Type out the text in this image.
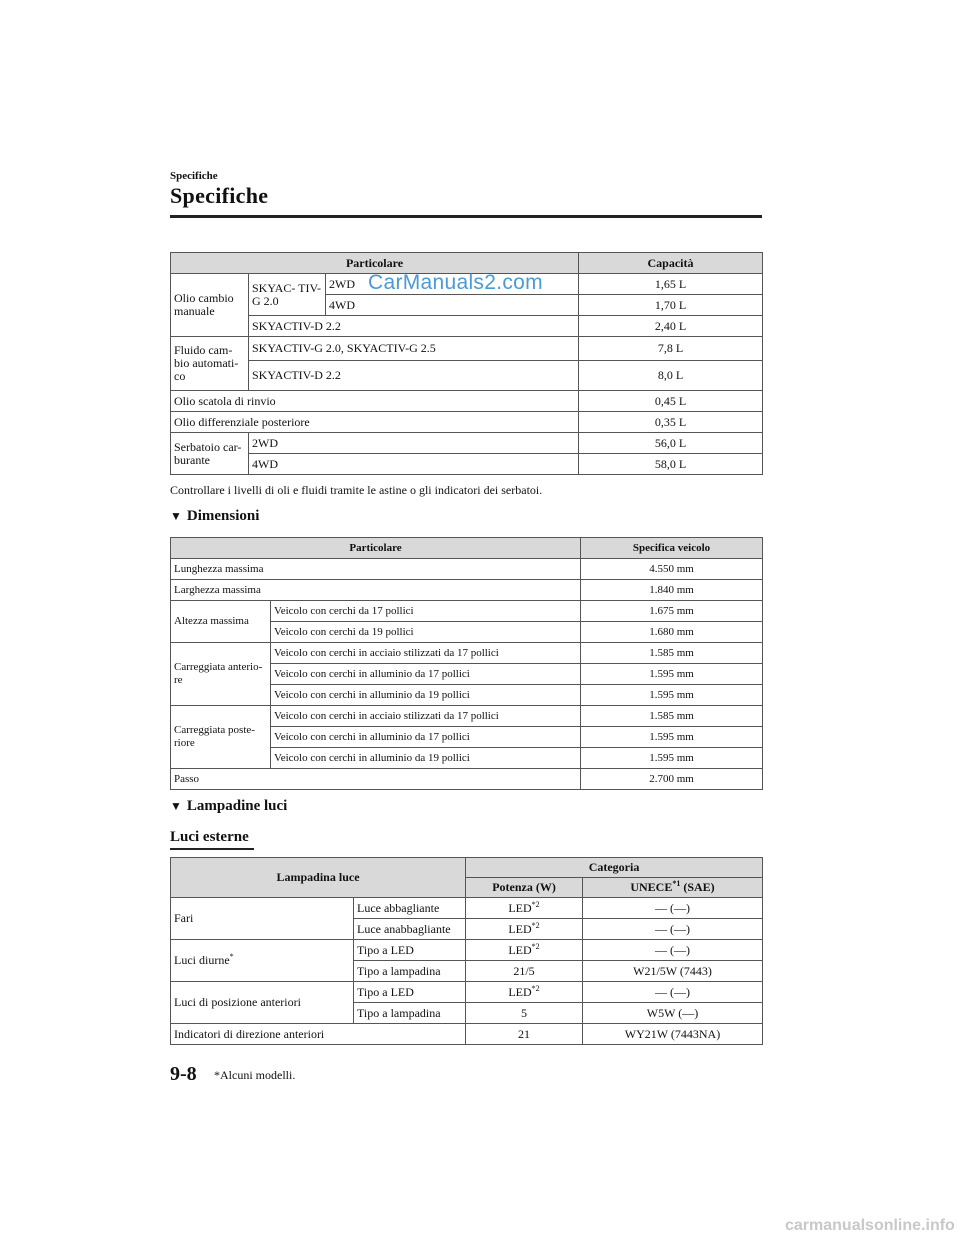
Specifiche
Specifiche
Particolare			Capacità
Olio cambio manuale	SKYAC- TIV-G 2.0	2WD	1,65 L
		4WD	1,70 L
	SKYACTIV-D 2.2		2,40 L
Fluido cam- bio automati- co	SKYACTIV-G 2.0, SKYACTIV-G 2.5		7,8 L
	SKYACTIV-D 2.2		8,0 L
Olio scatola di rinvio			0,45 L
Olio differenziale posteriore			0,35 L
Serbatoio car- burante	2WD		56,0 L
	4WD		58,0 L
CarManuals2.com
Controllare i livelli di oli e fluidi tramite le astine o gli indicatori dei serbatoi.
▼ Dimensioni
Particolare		Specifica veicolo
Lunghezza massima		4.550 mm
Larghezza massima		1.840 mm
Altezza massima	Veicolo con cerchi da 17 pollici	1.675 mm
	Veicolo con cerchi da 19 pollici	1.680 mm
Carreggiata anterio- re	Veicolo con cerchi in acciaio stilizzati da 17 pollici	1.585 mm
	Veicolo con cerchi in alluminio da 17 pollici	1.595 mm
	Veicolo con cerchi in alluminio da 19 pollici	1.595 mm
Carreggiata poste- riore	Veicolo con cerchi in acciaio stilizzati da 17 pollici	1.585 mm
	Veicolo con cerchi in alluminio da 17 pollici	1.595 mm
	Veicolo con cerchi in alluminio da 19 pollici	1.595 mm
Passo		2.700 mm
▼ Lampadine luci
Luci esterne
Lampadina luce		Categoria	
		Potenza (W)	UNECE$^{*1}$ (SAE)
Fari	Luce abbagliante	LED$^{*2}$	— (—)
	Luce anabbagliante	LED$^{*2}$	— (—)
Luci diurne*	Tipo a LED	LED$^{*2}$	— (—)
	Tipo a lampadina	21/5	W21/5W (7443)
Luci di posizione anteriori	Tipo a LED	LED$^{*2}$	— (—)
	Tipo a lampadina	5	W5W (—)
Indicatori di direzione anteriori		21	WY21W (7443NA)
9-8 *Alcuni modelli.
carmanualsonline.info
